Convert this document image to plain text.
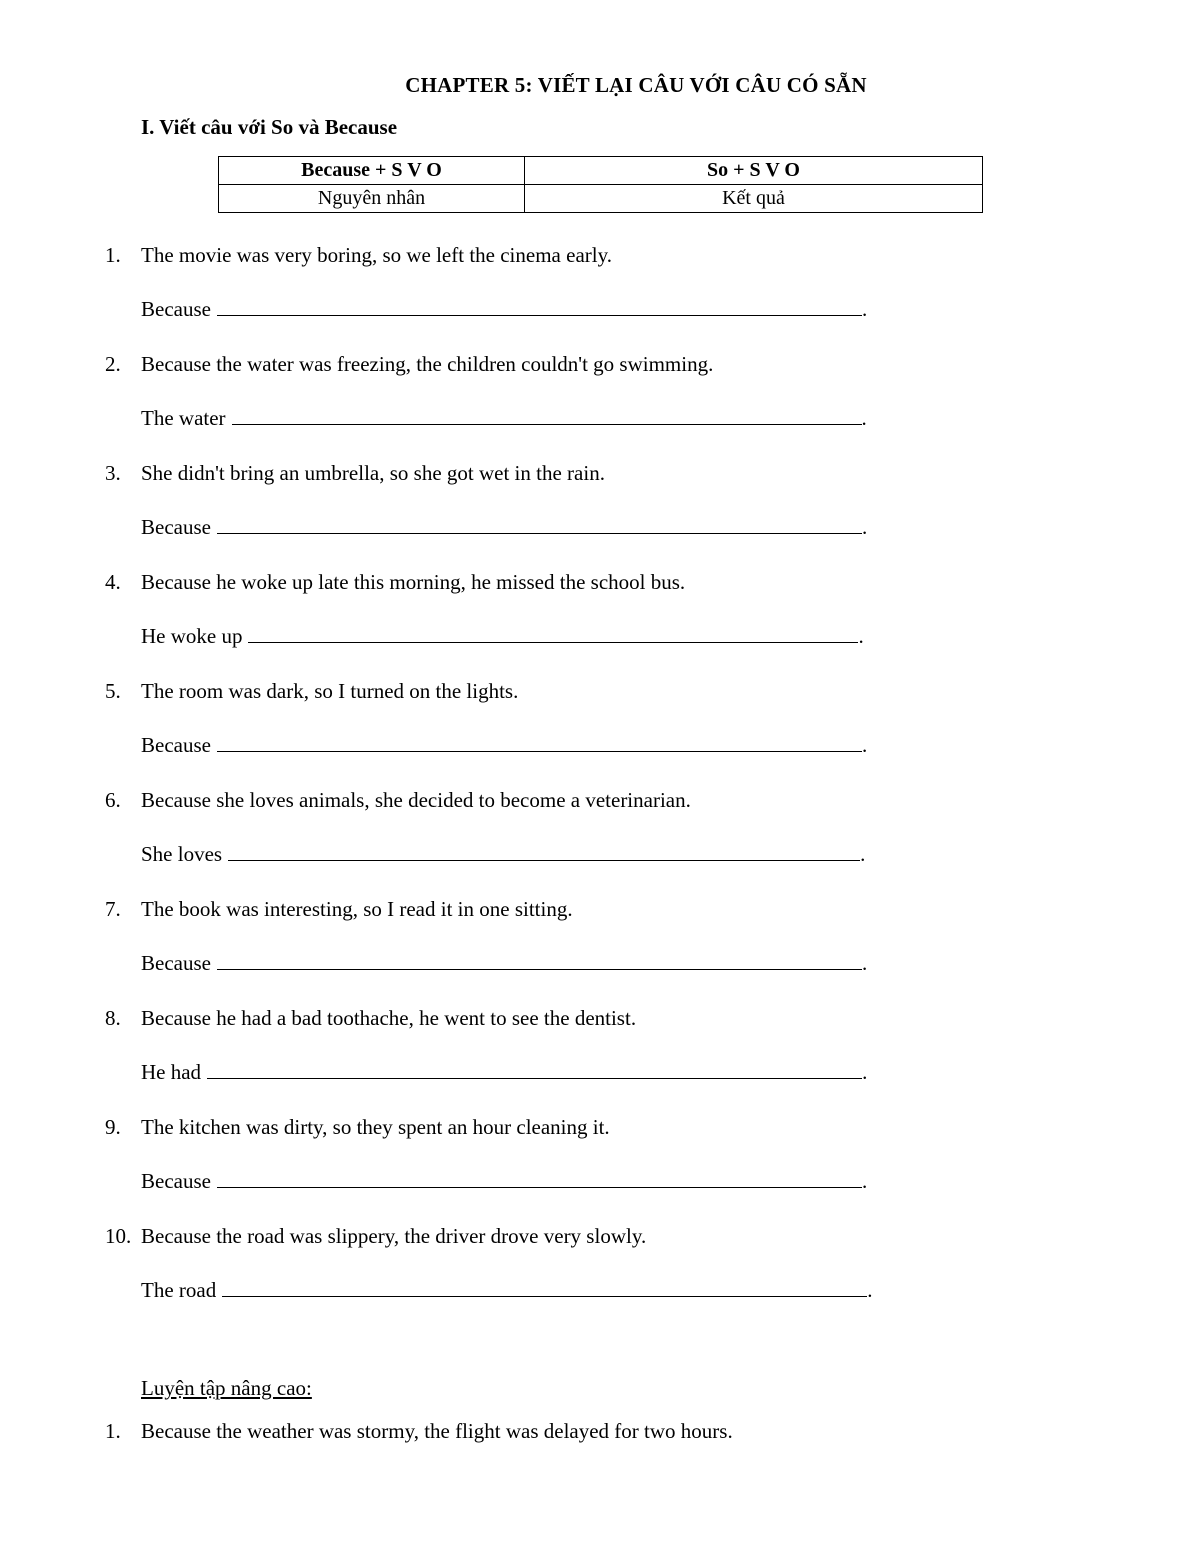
CHAPTER 5: VIẾT LẠI CÂU VỚI CÂU CÓ SẴN
I. Viết câu với So và Because
Because + S V O	So + S V O
Nguyên nhân	Kết quả
1. The movie was very boring, so we left the cinema early.
Because	.
2. Because the water was freezing, the children couldn't go swimming.
The water	.
3. She didn't bring an umbrella, so she got wet in the rain.
Because	.
4. Because he woke up late this morning, he missed the school bus.
He woke up	.
5. The room was dark, so I turned on the lights.
Because	.
6. Because she loves animals, she decided to become a veterinarian.
She loves	.
7. The book was interesting, so I read it in one sitting.
Because	.
8. Because he had a bad toothache, he went to see the dentist.
He had	.
9. The kitchen was dirty, so they spent an hour cleaning it.
Because	.
10. Because the road was slippery, the driver drove very slowly.
The road	.
Luyện tập nâng cao:
1. Because the weather was stormy, the flight was delayed for two hours.
